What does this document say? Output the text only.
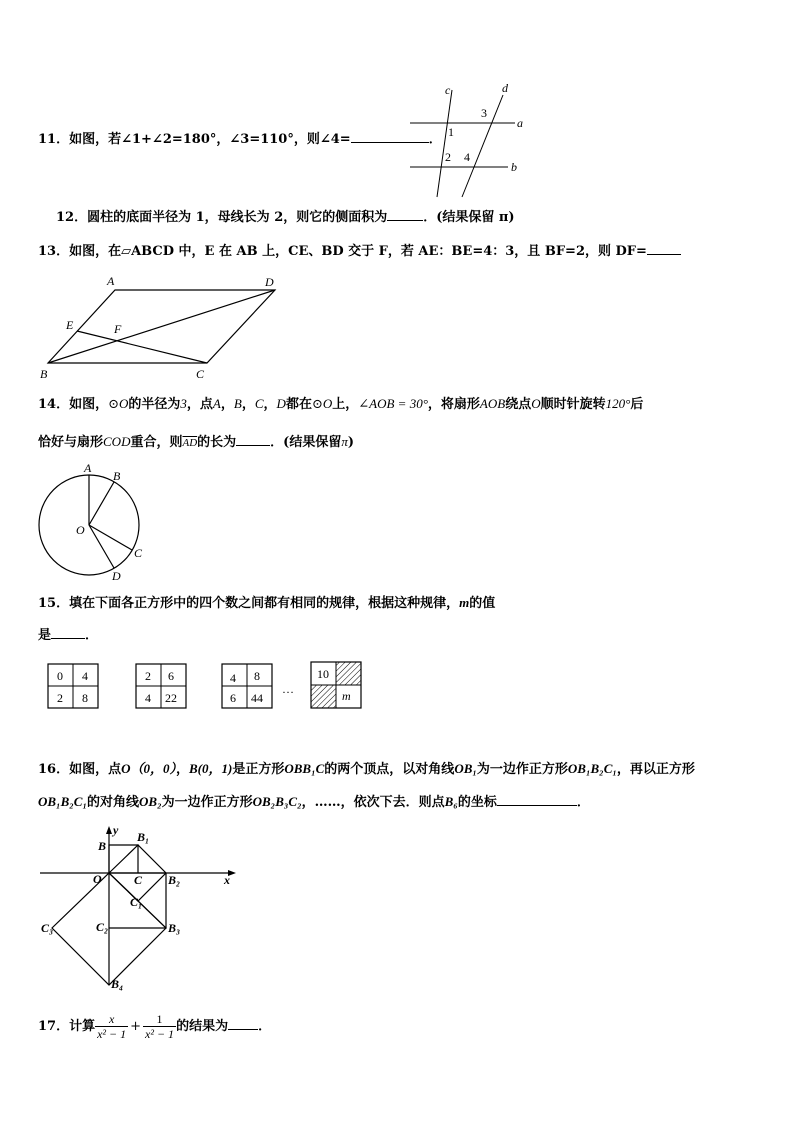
11．如图，若∠1+∠2=180°，∠3=110°，则∠4=	．
c	d
a
b
1
2
3
4
12．圆柱的底面半径为 1，母线长为 2，则它的侧面积为	．(结果保留 π)
13．如图，在▱ABCD 中，E 在 AB 上，CE、BD 交于 F，若 AE：BE=4：3，且 BF=2，则 DF=
A	D
E	F
B	C
14．如图，⊙O的半径为3，点A，B，C，D都在⊙O上，∠AOB = 30°，将扇形AOB绕点O顺时针旋转120°后
恰好与扇形COD重合，则$\overline{AD}$的长为	．(结果保留π)
A
B
O
C
D
15．填在下面各正方形中的四个数之间都有相同的规律，根据这种规律，m的值
是	．
0 4
2 8
2 6
4 22
4 8
6 44
…
10
m
16．如图，点O（0，0），B(0，1)是正方形OBB₁C的两个顶点，以对角线OB₁为一边作正方形OB₁B₂C₁，再以正方形
OB₁B₂C₁的对角线OB₂为一边作正方形OB₂B₃C₂，……，依次下去．则点B₆的坐标	．
y
x
B
B₁
O	C B₂
C₁
C₂	B₃
C₃
B₄
17．计算 $\frac{x}{\text{x² − 1}} + \frac{1}{\text{x² − 1}}$ 的结果为 ．
